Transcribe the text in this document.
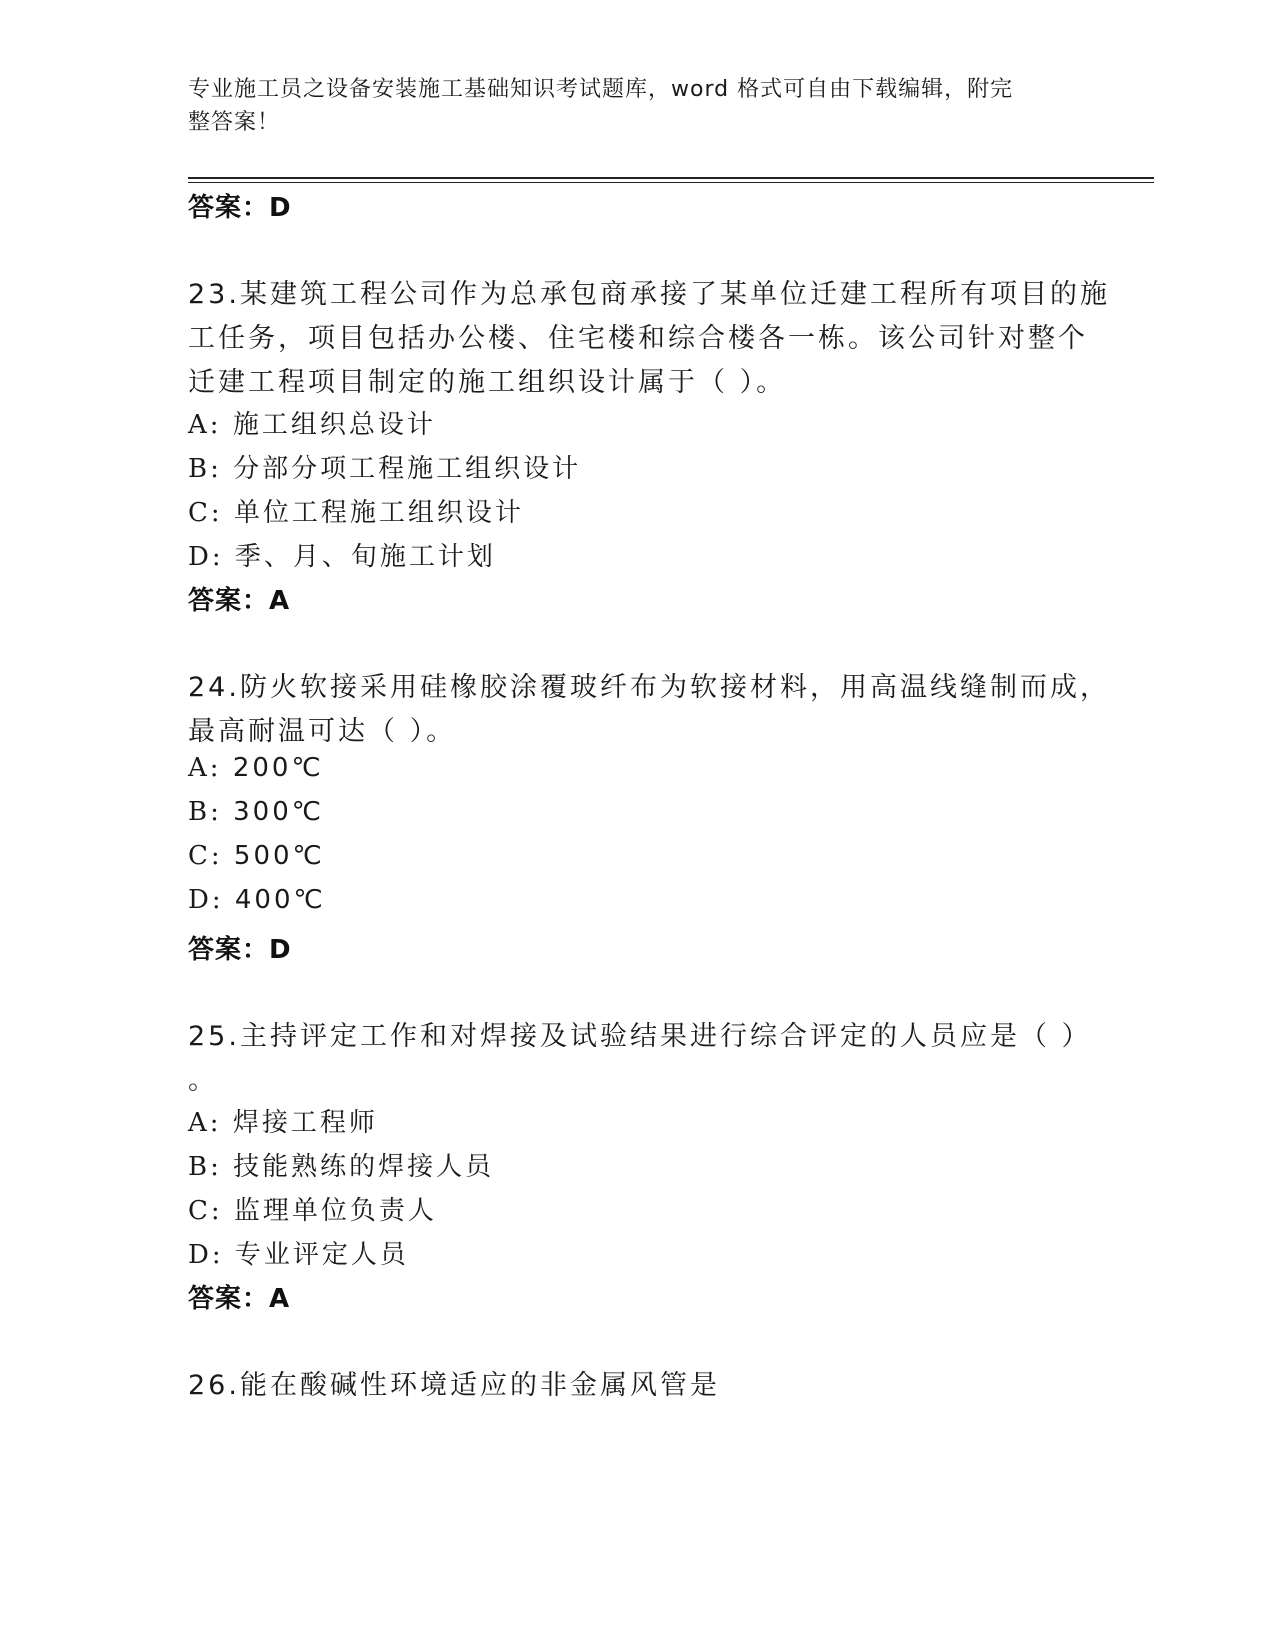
专业施工员之设备安装施工基础知识考试题库，word 格式可自由下载编辑，附完
整答案！
答案：D
23.某建筑工程公司作为总承包商承接了某单位迁建工程所有项目的施
工任务，项目包括办公楼、住宅楼和综合楼各一栋。该公司针对整个
迁建工程项目制定的施工组织设计属于（ ）。
A: 施工组织总设计
B: 分部分项工程施工组织设计
C: 单位工程施工组织设计
D: 季、月、旬施工计划
答案：A
24.防火软接采用硅橡胶涂覆玻纤布为软接材料，用高温线缝制而成，
最高耐温可达（ ）。
A: 200℃
B: 300℃
C: 500℃
D: 400℃
答案：D
25.主持评定工作和对焊接及试验结果进行综合评定的人员应是（ ）
。
A: 焊接工程师
B: 技能熟练的焊接人员
C: 监理单位负责人
D: 专业评定人员
答案：A
26.能在酸碱性环境适应的非金属风管是
